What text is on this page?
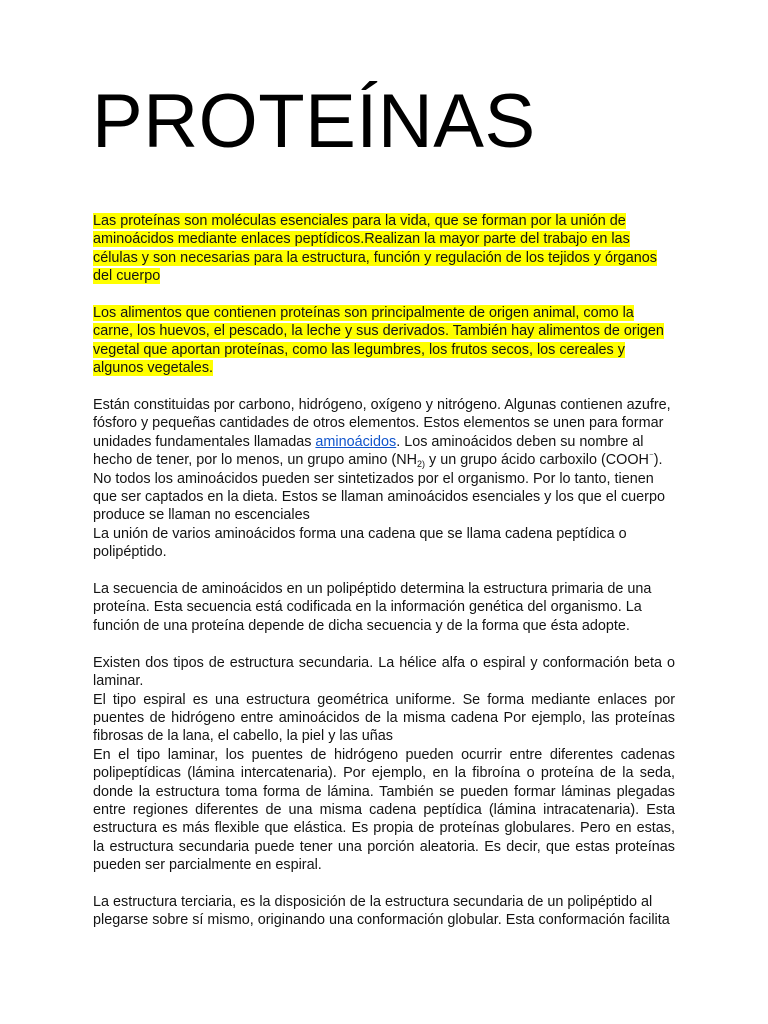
PROTEÍNAS

Las proteínas son moléculas esenciales para la vida, que se forman por la unión de aminoácidos mediante enlaces peptídicos.Realizan la mayor parte del trabajo en las células y son necesarias para la estructura, función y regulación de los tejidos y órganos del cuerpo

Los alimentos que contienen proteínas son principalmente de origen animal, como la carne, los huevos, el pescado, la leche y sus derivados. También hay alimentos de origen vegetal que aportan proteínas, como las legumbres, los frutos secos, los cereales y algunos vegetales.

Están constituidas por carbono, hidrógeno, oxígeno y nitrógeno. Algunas contienen azufre, fósforo y pequeñas cantidades de otros elementos. Estos elementos se unen para formar unidades fundamentales llamadas aminoácidos. Los aminoácidos deben su nombre al hecho de tener, por lo menos, un grupo amino ($NH_{2)}$ y un grupo ácido carboxilo (COOH⁻). No todos los aminoácidos pueden ser sintetizados por el organismo. Por lo tanto, tienen que ser captados en la dieta. Estos se llaman aminoácidos esenciales y los que el cuerpo produce se llaman no escenciales

La unión de varios aminoácidos forma una cadena que se llama cadena peptídica o polipéptido.

La secuencia de aminoácidos en un polipéptido determina la estructura primaria de una proteína. Esta secuencia está codificada en la información genética del organismo. La función de una proteína depende de dicha secuencia y de la forma que ésta adopte.

Existen dos tipos de estructura secundaria. La hélice alfa o espiral y conformación beta o laminar.

El tipo espiral es una estructura geométrica uniforme. Se forma mediante enlaces por puentes de hidrógeno entre aminoácidos de la misma cadena Por ejemplo, las proteínas fibrosas de la lana, el cabello, la piel y las uñas

En el tipo laminar, los puentes de hidrógeno pueden ocurrir entre diferentes cadenas polipeptídicas (lámina intercatenaria). Por ejemplo, en la fibroína o proteína de la seda, donde la estructura toma forma de lámina. También se pueden formar láminas plegadas entre regiones diferentes de una misma cadena peptídica (lámina intracatenaria). Esta estructura es más flexible que elástica. Es propia de proteínas globulares. Pero en estas, la estructura secundaria puede tener una porción aleatoria. Es decir, que estas proteínas pueden ser parcialmente en espiral.

La estructura terciaria, es la disposición de la estructura secundaria de un polipéptido al plegarse sobre sí mismo, originando una conformación globular. Esta conformación facilita
